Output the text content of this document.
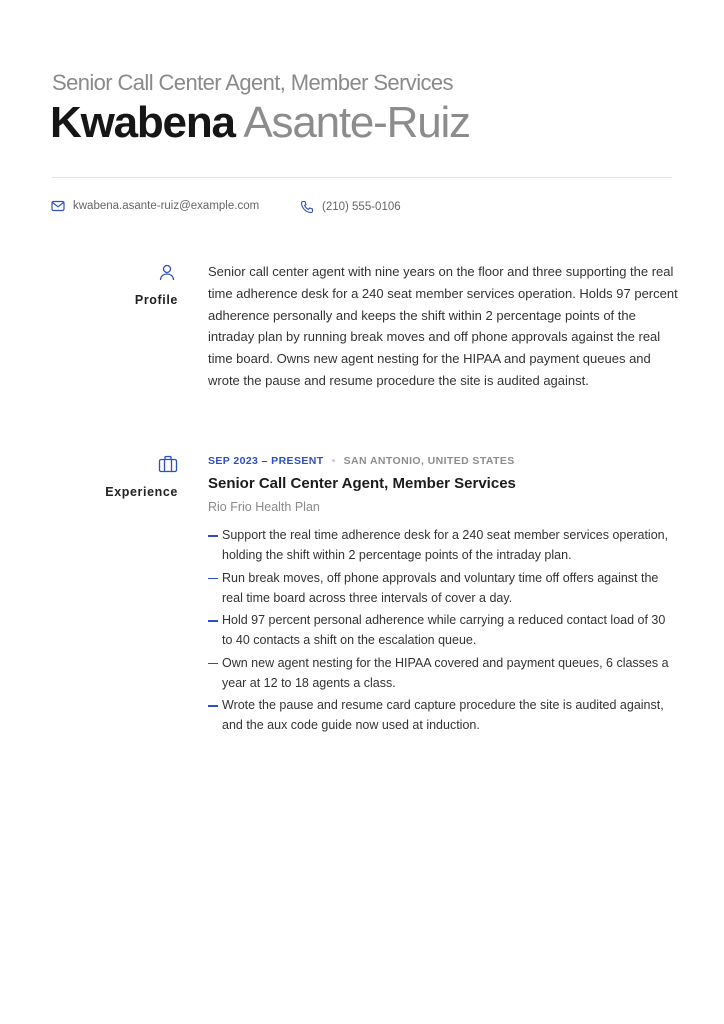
Senior Call Center Agent, Member Services
Kwabena Asante-Ruiz
kwabena.asante-ruiz@example.com	(210) 555-0106
Profile
Senior call center agent with nine years on the floor and three supporting the real time adherence desk for a 240 seat member services operation. Holds 97 percent adherence personally and keeps the shift within 2 percentage points of the intraday plan by running break moves and off phone approvals against the real time board. Owns new agent nesting for the HIPAA and payment queues and wrote the pause and resume procedure the site is audited against.
Experience
SEP 2023 – PRESENT • SAN ANTONIO, UNITED STATES
Senior Call Center Agent, Member Services
Rio Frio Health Plan
Support the real time adherence desk for a 240 seat member services operation, holding the shift within 2 percentage points of the intraday plan.
Run break moves, off phone approvals and voluntary time off offers against the real time board across three intervals of cover a day.
Hold 97 percent personal adherence while carrying a reduced contact load of 30 to 40 contacts a shift on the escalation queue.
Own new agent nesting for the HIPAA covered and payment queues, 6 classes a year at 12 to 18 agents a class.
Wrote the pause and resume card capture procedure the site is audited against, and the aux code guide now used at induction.
